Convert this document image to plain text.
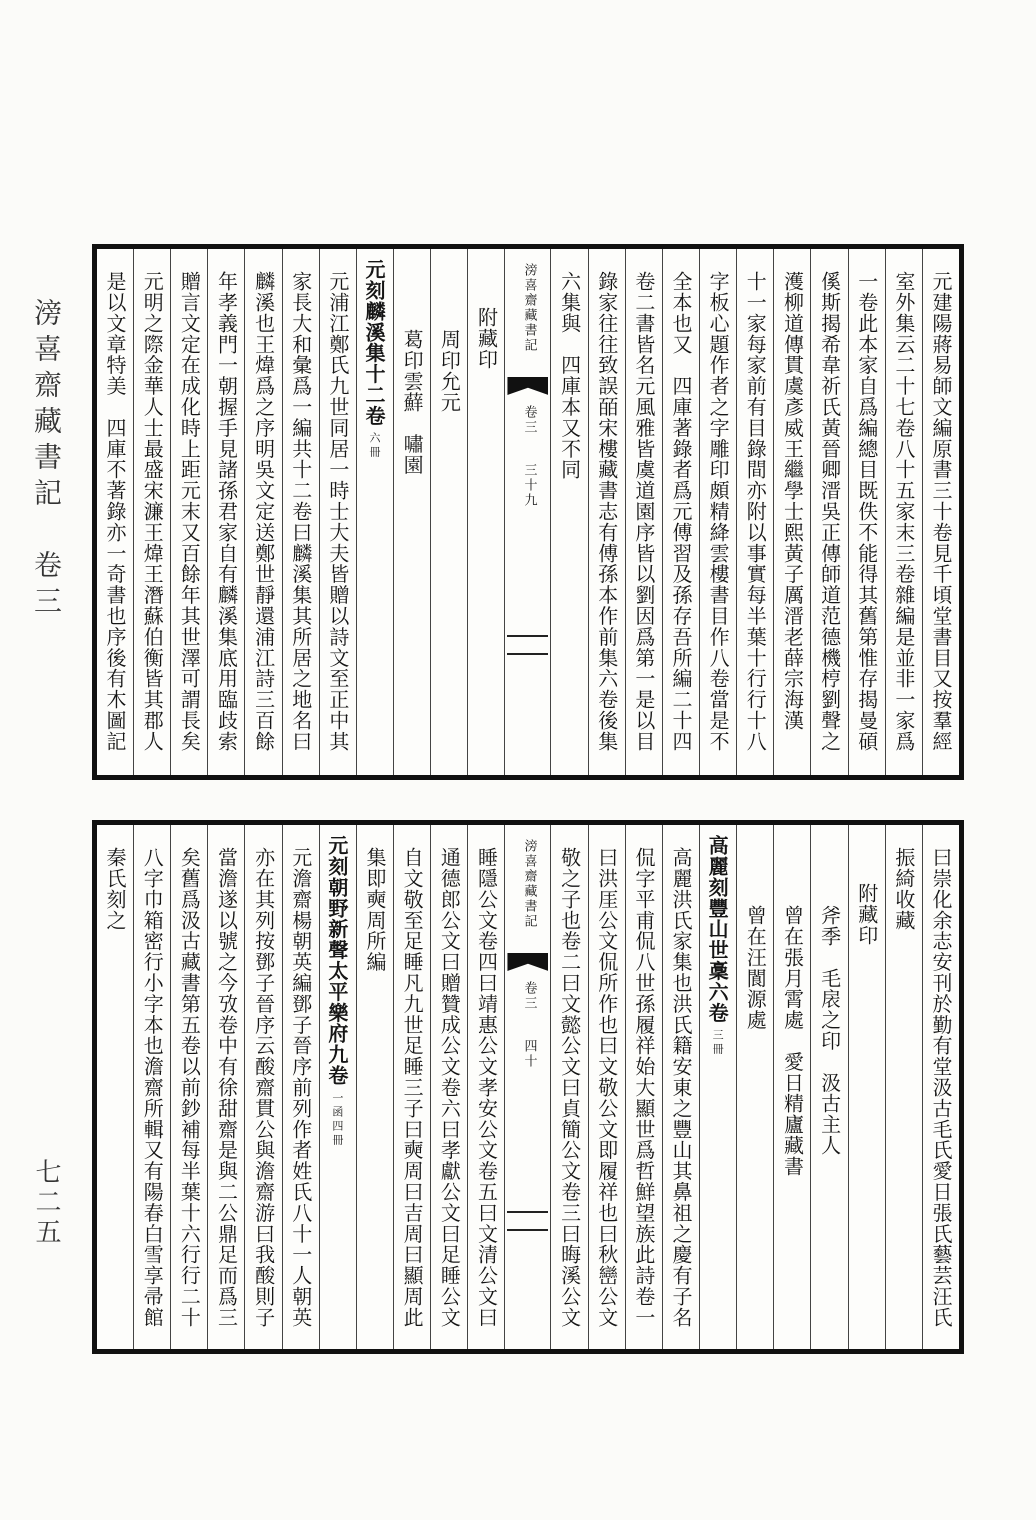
滂喜齋藏書記　卷三
七二五
元建陽蔣易師文編原書三十卷見千頃堂書目又按羣經
室外集云二十七卷八十五家末三卷雜編是並非一家爲
一卷此本家自爲編總目既佚不能得其舊第惟存揭曼碩
傒斯揭希韋祈氏黃晉卿溍吳正傳師道范德機梈劉聲之
濩柳道傳貫虞彥威王繼學士熙黃子厲溍老薛宗海漢
十一家每家前有目錄間亦附以事實每半葉十行行十八
字板心題作者之字雕印頗精絳雲樓書目作八卷當是不
全本也又　四庫著錄者爲元傅習及孫存吾所編二十四
卷二書皆名元風雅皆虞道園序皆以劉因爲第一是以目
錄家往往致誤皕宋樓藏書志有傅孫本作前集六卷後集
六集與　四庫本又不同
滂喜齋藏書記
卷三
三十九
附藏印
周印允元
葛印雲蘚　嘯園
元刻麟溪集十二卷六冊
元浦江鄭氏九世同居一時士大夫皆贈以詩文至正中其
家長大和彙爲一編共十二卷曰麟溪集其所居之地名曰
麟溪也王煒爲之序明吳文定送鄭世靜還浦江詩三百餘
年孝義門一朝握手見諸孫君家自有麟溪集底用臨歧索
贈言文定在成化時上距元末又百餘年其世澤可謂長矣
元明之際金華人士最盛宋濂王煒王潛蘇伯衡皆其郡人
是以文章特美　四庫不著錄亦一奇書也序後有木圖記
曰崇化余志安刊於勤有堂汲古毛氏愛日張氏藝芸汪氏
振綺收藏
附藏印
斧季　毛扆之印　汲古主人
曾在張月霄處　愛日精廬藏書
曾在汪閬源處
高麗刻豐山世稾六卷三冊
高麗洪氏家集也洪氏籍安東之豐山其鼻祖之慶有子名
侃字平甫侃八世孫履祥始大顯世爲哲鮮望族此詩卷一
曰洪厓公文侃所作也曰文敬公文即履祥也曰秋巒公文
敬之子也卷二曰文懿公文曰貞簡公文卷三曰晦溪公文
滂喜齋藏書記
卷三
四十
睡隱公文卷四曰靖惠公文孝安公文卷五曰文清公文曰
通德郎公文曰贈贊成公文卷六曰孝獻公文曰足睡公文
自文敬至足睡凡九世足睡三子曰奭周曰吉周曰顯周此
集即奭周所編
元刻朝野新聲太平樂府九卷一函四冊
元澹齋楊朝英編鄧子晉序前列作者姓氏八十一人朝英
亦在其列按鄧子晉序云酸齋貫公與澹齋游曰我酸則子
當澹遂以號之今攷卷中有徐甜齋是與二公鼎足而爲三
矣舊爲汲古藏書第五卷以前鈔補每半葉十六行行二十
八字巾箱密行小字本也澹齋所輯又有陽春白雪享帚館
秦氏刻之
